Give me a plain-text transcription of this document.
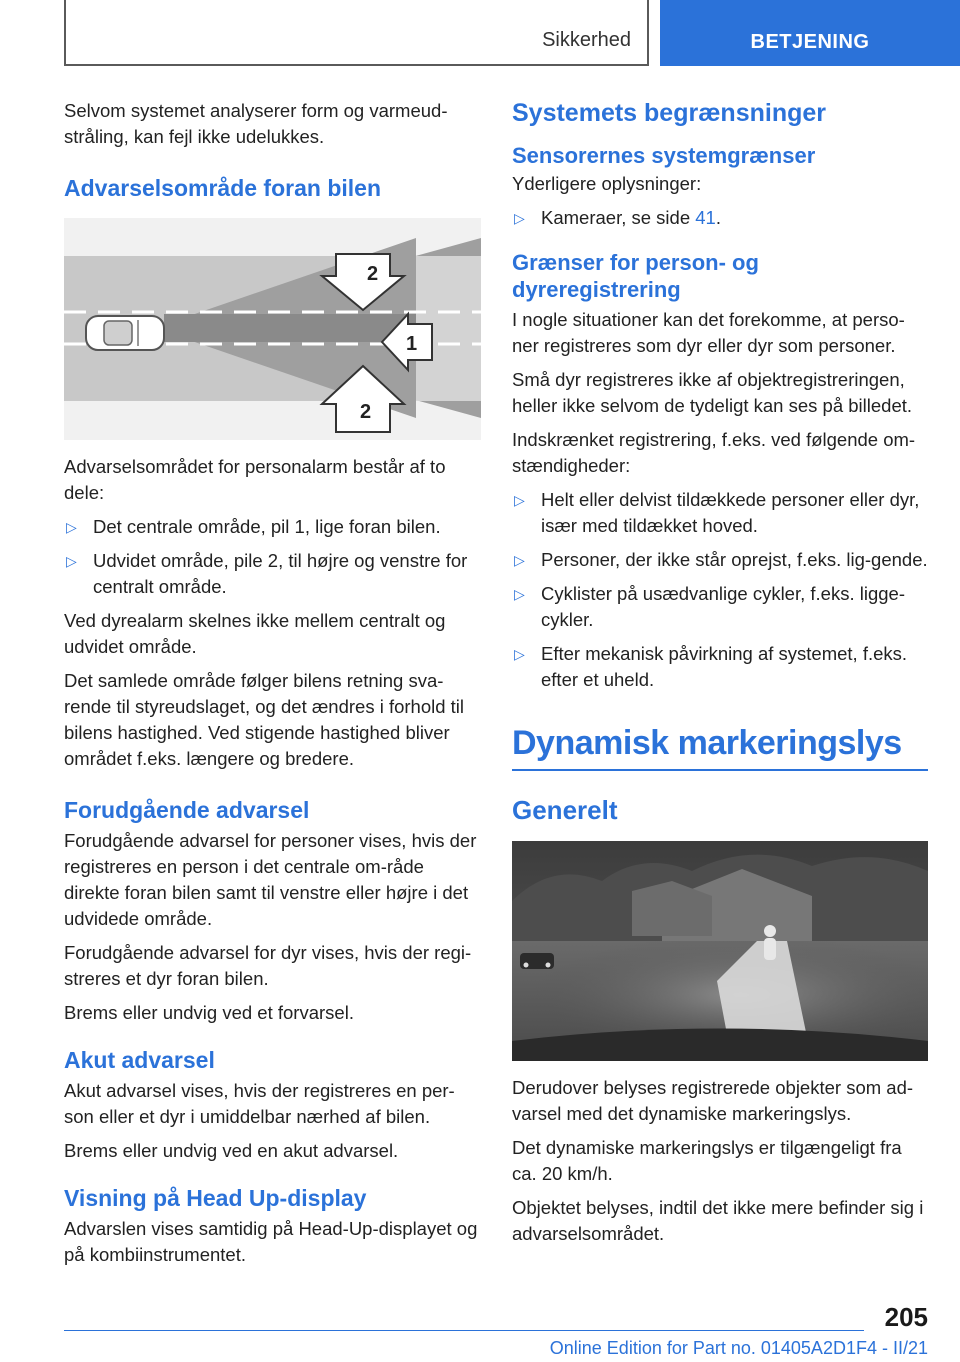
Sikkerhed	BETJENING

Selvom systemet analyserer form og varmeud-stråling, kan fejl ikke udelukkes.

Advarselsområde foran bilen
2
1
2

Advarselsområdet for personalarm består af to dele:

▷ Det centrale område, pil 1, lige foran bilen.
▷ Udvidet område, pile 2, til højre og venstre for centralt område.

Ved dyrealarm skelnes ikke mellem centralt og udvidet område.

Det samlede område følger bilens retning sva-rende til styreudslaget, og det ændres i forhold til bilens hastighed. Ved stigende hastighed bliver området f.eks. længere og bredere.

Forudgående advarsel

Forudgående advarsel for personer vises, hvis der registreres en person i det centrale om-råde direkte foran bilen samt til venstre eller højre i det udvidede område.

Forudgående advarsel for dyr vises, hvis der regi-streres et dyr foran bilen.

Brems eller undvig ved et forvarsel.

Akut advarsel

Akut advarsel vises, hvis der registreres en per-son eller et dyr i umiddelbar nærhed af bilen.

Brems eller undvig ved en akut advarsel.

Visning på Head Up-display

Advarslen vises samtidig på Head-Up-displayet og på kombiinstrumentet.

Systemets begrænsninger
Sensorernes systemgrænser

Yderligere oplysninger:

▷ Kameraer, se side 41.
Grænser for person- og dyreregistrering

I nogle situationer kan det forekomme, at perso-ner registreres som dyr eller dyr som personer.

Små dyr registreres ikke af objektregistreringen, heller ikke selvom de tydeligt kan ses på billedet.

Indskrænket registrering, f.eks. ved følgende om-stændigheder:

▷ Helt eller delvist tildækkede personer eller dyr, især med tildækket hoved.
▷ Personer, der ikke står oprejst, f.eks. lig-gende.
▷ Cyklister på usædvanlige cykler, f.eks. ligge-cykler.
▷ Efter mekanisk påvirkning af systemet, f.eks. efter et uheld.
Dynamisk markeringslys
Generelt

Derudover belyses registrerede objekter som ad-varsel med det dynamiske markeringslys.

Det dynamiske markeringslys er tilgængeligt fra ca. 20 km/h.

Objektet belyses, indtil det ikke mere befinder sig i advarselsområdet.

205
Online Edition for Part no. 01405A2D1F4 - II/21
